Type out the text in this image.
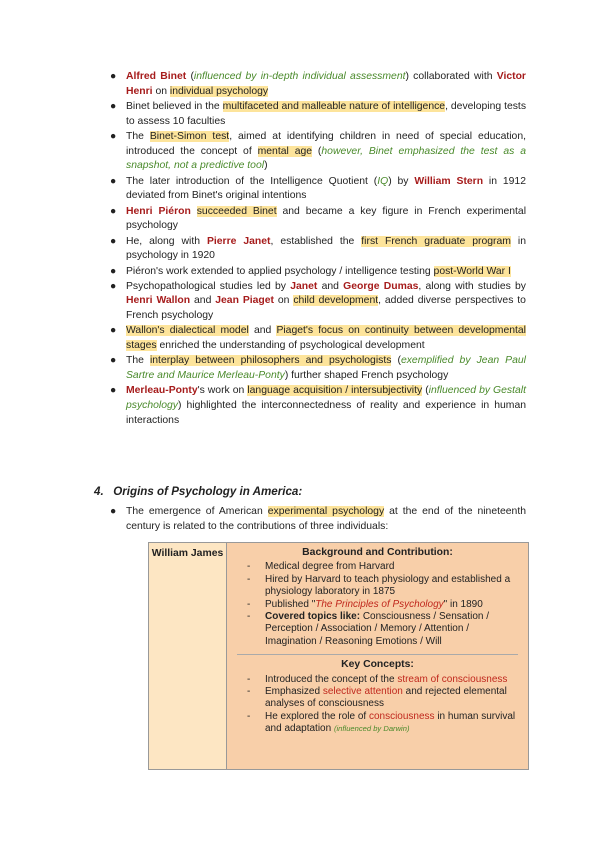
● Alfred Binet (influenced by in-depth individual assessment) collaborated with Victor Henri on individual psychology
● Binet believed in the multifaceted and malleable nature of intelligence, developing tests to assess 10 faculties
● The Binet-Simon test, aimed at identifying children in need of special education, introduced the concept of mental age (however, Binet emphasized the test as a snapshot, not a predictive tool)
● The later introduction of the Intelligence Quotient (IQ) by William Stern in 1912 deviated from Binet's original intentions
● Henri Piéron succeeded Binet and became a key figure in French experimental psychology
● He, along with Pierre Janet, established the first French graduate program in psychology in 1920
● Piéron's work extended to applied psychology / intelligence testing post-World War I
● Psychopathological studies led by Janet and George Dumas, along with studies by Henri Wallon and Jean Piaget on child development, added diverse perspectives to French psychology
● Wallon's dialectical model and Piaget's focus on continuity between developmental stages enriched the understanding of psychological development
● The interplay between philosophers and psychologists (exemplified by Jean Paul Sartre and Maurice Merleau-Ponty) further shaped French psychology
● Merleau-Ponty's work on language acquisition / intersubjectivity (influenced by Gestalt psychology) highlighted the interconnectedness of reality and experience in human interactions
4. Origins of Psychology in America:
● The emergence of American experimental psychology at the end of the nineteenth century is related to the contributions of three individuals:
William James	Background and Contribution:
- Medical degree from Harvard
- Hired by Harvard to teach physiology and established a physiology laboratory in 1875
- Published "The Principles of Psychology" in 1890
- Covered topics like: Consciousness / Sensation / Perception / Association / Memory / Attention / Imagination / Reasoning Emotions / Will
Key Concepts:
- Introduced the concept of the stream of consciousness
- Emphasized selective attention and rejected elemental analyses of consciousness
- He explored the role of consciousness in human survival and adaptation (influenced by Darwin)
